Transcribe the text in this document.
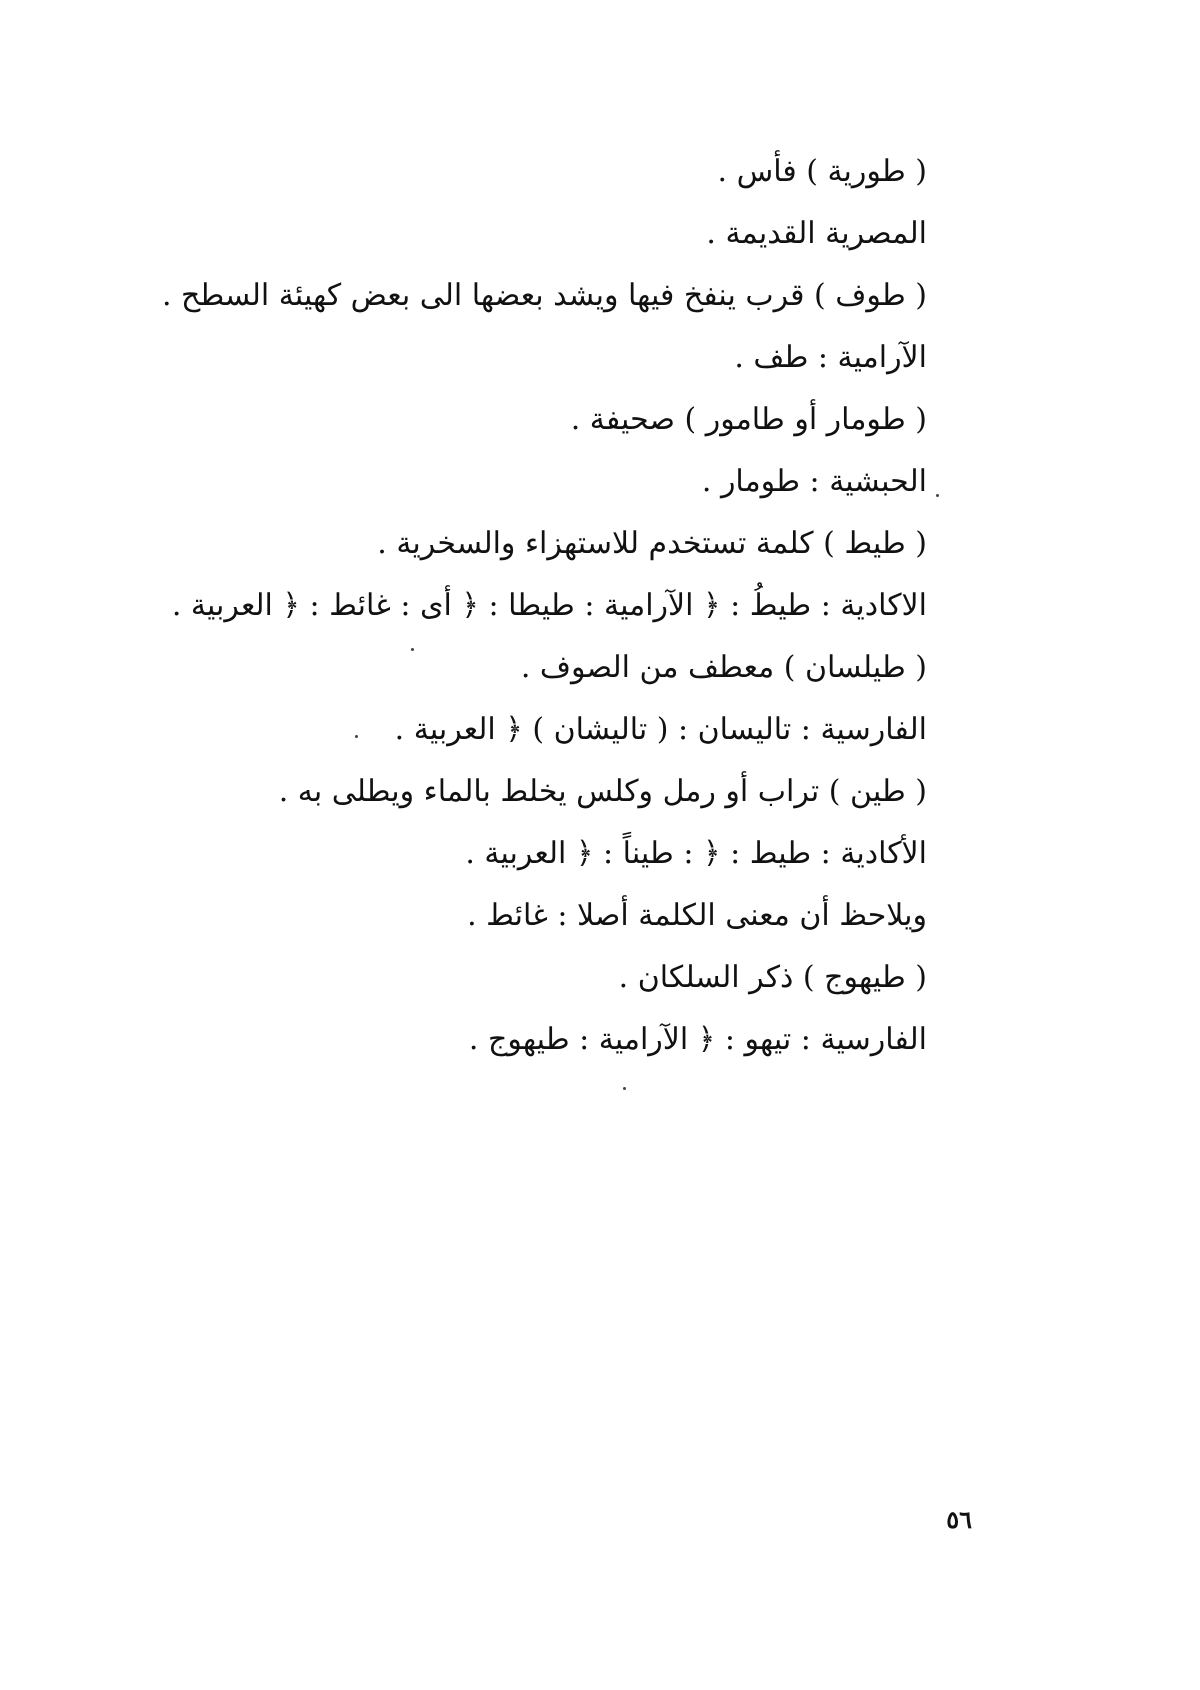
( طورية ) فأس .
المصرية القديمة .
( طوف ) قرب ينفخ فيها ويشد بعضها الى بعض كهيئة السطح .
الآرامية : طف .
( طومار أو طامور ) صحيفة .
الحبشية : طومار .
( طيط ) كلمة تستخدم للاستهزاء والسخرية .
الاكادية : طيطُ : ﴿ الآرامية : طيطا : ﴿ أى : غائط : ﴿ العربية .
( طيلسان ) معطف من الصوف .
الفارسية : تاليسان : ( تاليشان ) ﴿ العربية .
( طين ) تراب أو رمل وكلس يخلط بالماء ويطلى به .
الأكادية : طيط : ﴿ : طيناً : ﴿ العربية .
ويلاحظ أن معنى الكلمة أصلا : غائط .
( طيهوج ) ذكر السلكان .
الفارسية : تيهو : ﴿ الآرامية : طيهوج .
٥٦
